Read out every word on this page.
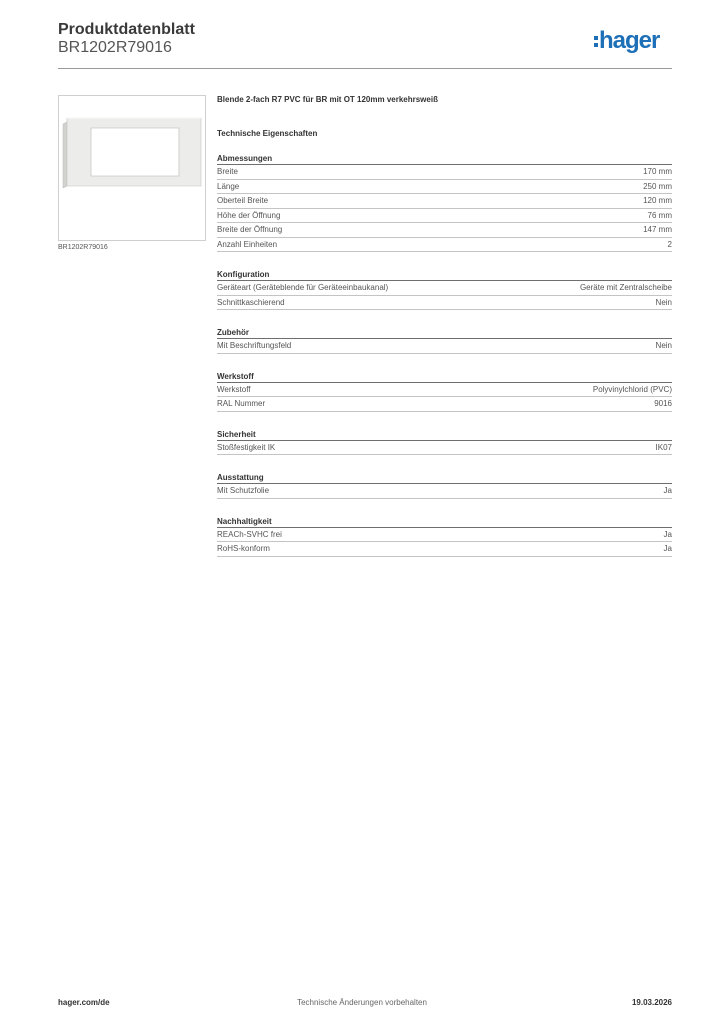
Produktdatenblatt
BR1202R79016	hager
BR1202R79016
Blende 2-fach R7 PVC für BR mit OT 120mm verkehrsweiß
Technische Eigenschaften
Abmessungen
Breite	170 mm
Länge	250 mm
Oberteil Breite	120 mm
Höhe der Öffnung	76 mm
Breite der Öffnung	147 mm
Anzahl Einheiten	2
Konfiguration
Geräteart (Geräteblende für Geräteeinbaukanal)	Geräte mit Zentralscheibe
Schnittkaschierend	Nein
Zubehör
Mit Beschriftungsfeld	Nein
Werkstoff
Werkstoff	Polyvinylchlorid (PVC)
RAL Nummer	9016
Sicherheit
Stoßfestigkeit IK	IK07
Ausstattung
Mit Schutzfolie	Ja
Nachhaltigkeit
REACh-SVHC frei	Ja
RoHS-konform	Ja
hager.com/de	Technische Änderungen vorbehalten	19.03.2026
